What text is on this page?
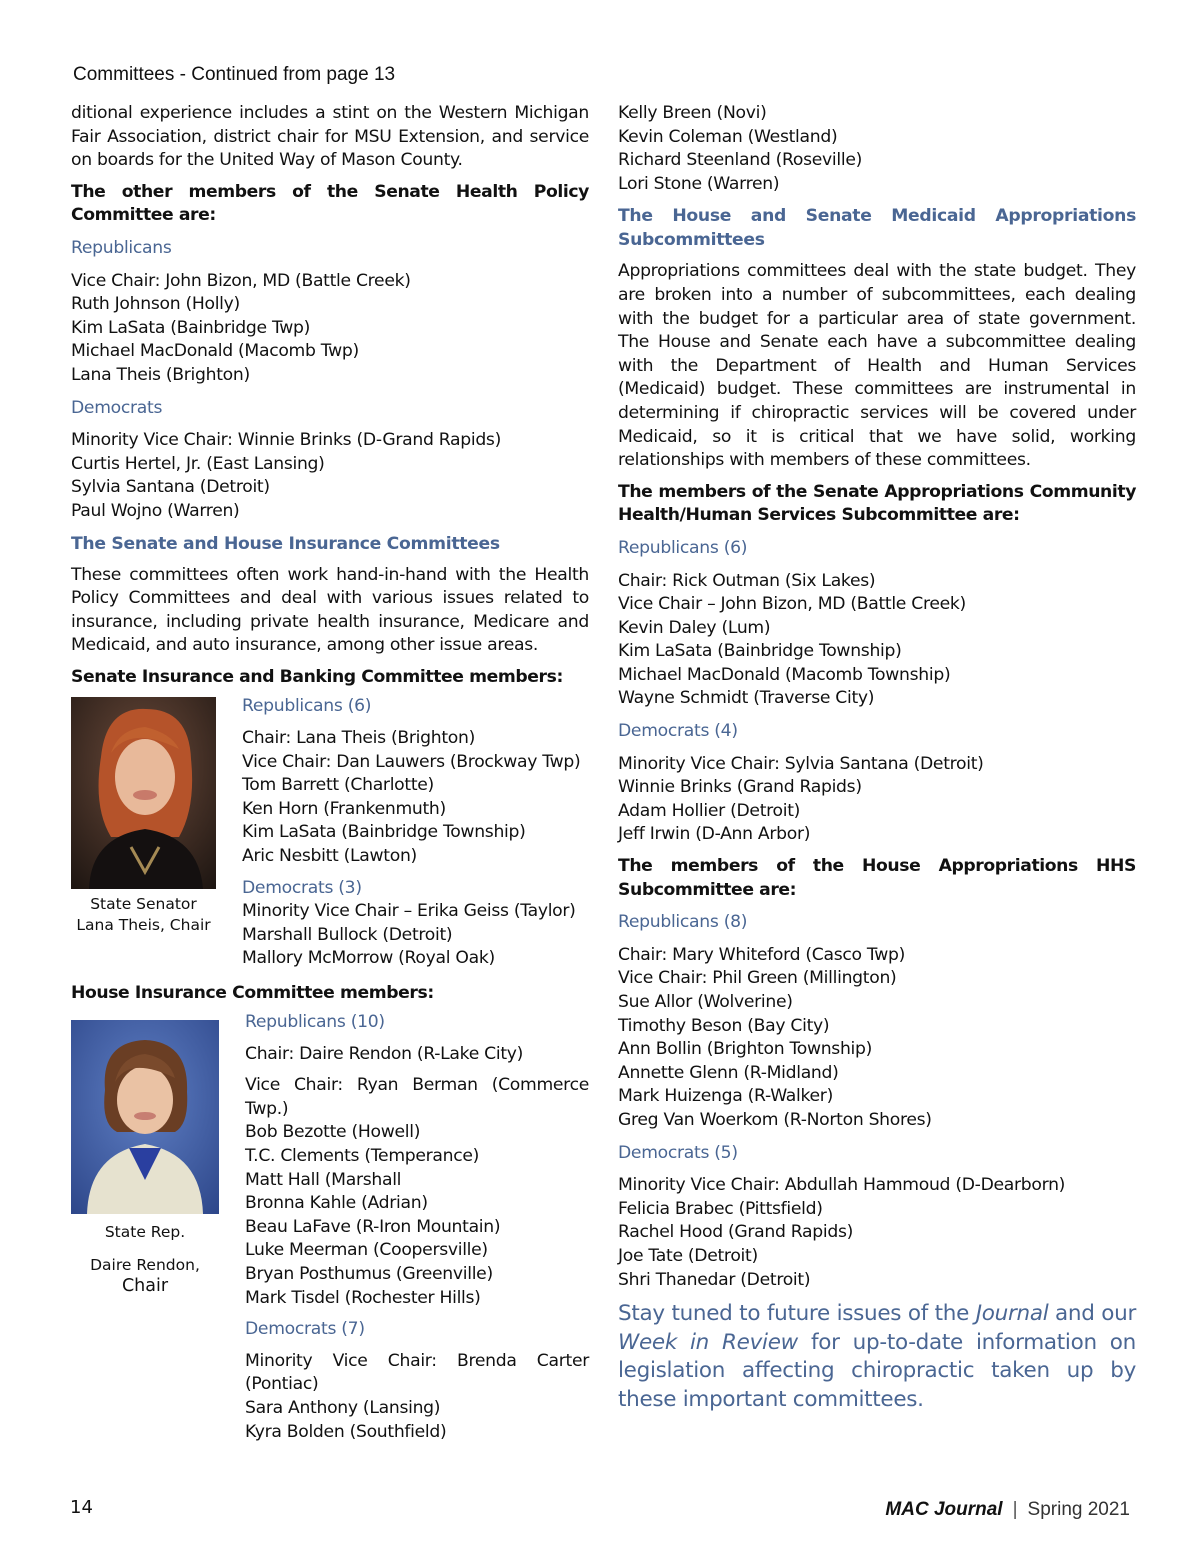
Committees - Continued from page 13

ditional experience includes a stint on the Western Michigan Fair Association, district chair for MSU Extension, and service on boards for the United Way of Mason County.

The other members of the Senate Health Policy Committee are:
Republicans
Vice Chair: John Bizon, MD (Battle Creek)
Ruth Johnson (Holly)
Kim LaSata (Bainbridge Twp)
Michael MacDonald (Macomb Twp)
Lana Theis (Brighton)
Democrats
Minority Vice Chair: Winnie Brinks (D-Grand Rapids)
Curtis Hertel, Jr. (East Lansing)
Sylvia Santana (Detroit)
Paul Wojno (Warren)
The Senate and House Insurance Committees

These committees often work hand-in-hand with the Health Policy Committees and deal with various issues related to insurance, including private health insurance, Medicare and Medicaid, and auto insurance, among other issue areas.

Senate Insurance and Banking Committee members:
State Senator
Lana Theis, Chair
Republicans (6)
Chair: Lana Theis (Brighton)
Vice Chair: Dan Lauwers (Brockway Twp)
Tom Barrett (Charlotte)
Ken Horn (Frankenmuth)
Kim LaSata (Bainbridge Township)
Aric Nesbitt (Lawton)
Democrats (3)
Minority Vice Chair – Erika Geiss (Taylor)
Marshall Bullock (Detroit)
Mallory McMorrow (Royal Oak)
House Insurance Committee members:
State Rep.
Daire Rendon,
Chair
Republicans (10)
Chair: Daire Rendon (R-Lake City)
Vice Chair: Ryan Berman (Commerce Twp.)
Bob Bezotte (Howell)
T.C. Clements (Temperance)
Matt Hall (Marshall
Bronna Kahle (Adrian)
Beau LaFave (R-Iron Mountain)
Luke Meerman (Coopersville)
Bryan Posthumus (Greenville)
Mark Tisdel (Rochester Hills)
Democrats (7)
Minority Vice Chair: Brenda Carter (Pontiac)
Sara Anthony (Lansing)
Kyra Bolden (Southfield)
Kelly Breen (Novi)
Kevin Coleman (Westland)
Richard Steenland (Roseville)
Lori Stone (Warren)
The House and Senate Medicaid Appropriations Subcommittees

Appropriations committees deal with the state budget. They are broken into a number of subcommittees, each dealing with the budget for a particular area of state government. The House and Senate each have a subcommittee dealing with the Department of Health and Human Services (Medicaid) budget. These committees are instrumental in determining if chiropractic services will be covered under Medicaid, so it is critical that we have solid, working relationships with members of these committees.

The members of the Senate Appropriations Community Health/Human Services Subcommittee are:
Republicans (6)
Chair: Rick Outman (Six Lakes)
Vice Chair – John Bizon, MD (Battle Creek)
Kevin Daley (Lum)
Kim LaSata (Bainbridge Township)
Michael MacDonald (Macomb Township)
Wayne Schmidt (Traverse City)
Democrats (4)
Minority Vice Chair: Sylvia Santana (Detroit)
Winnie Brinks (Grand Rapids)
Adam Hollier (Detroit)
Jeff Irwin (D-Ann Arbor)
The members of the House Appropriations HHS Subcommittee are:
Republicans (8)
Chair: Mary Whiteford (Casco Twp)
Vice Chair: Phil Green (Millington)
Sue Allor (Wolverine)
Timothy Beson (Bay City)
Ann Bollin (Brighton Township)
Annette Glenn (R-Midland)
Mark Huizenga (R-Walker)
Greg Van Woerkom (R-Norton Shores)
Democrats (5)
Minority Vice Chair: Abdullah Hammoud (D-Dearborn)
Felicia Brabec (Pittsfield)
Rachel Hood (Grand Rapids)
Joe Tate (Detroit)
Shri Thanedar (Detroit)

Stay tuned to future issues of the Journal and our Week in Review for up-to-date information on legislation affecting chiropractic taken up by these important committees.

14	MAC Journal | Spring 2021
